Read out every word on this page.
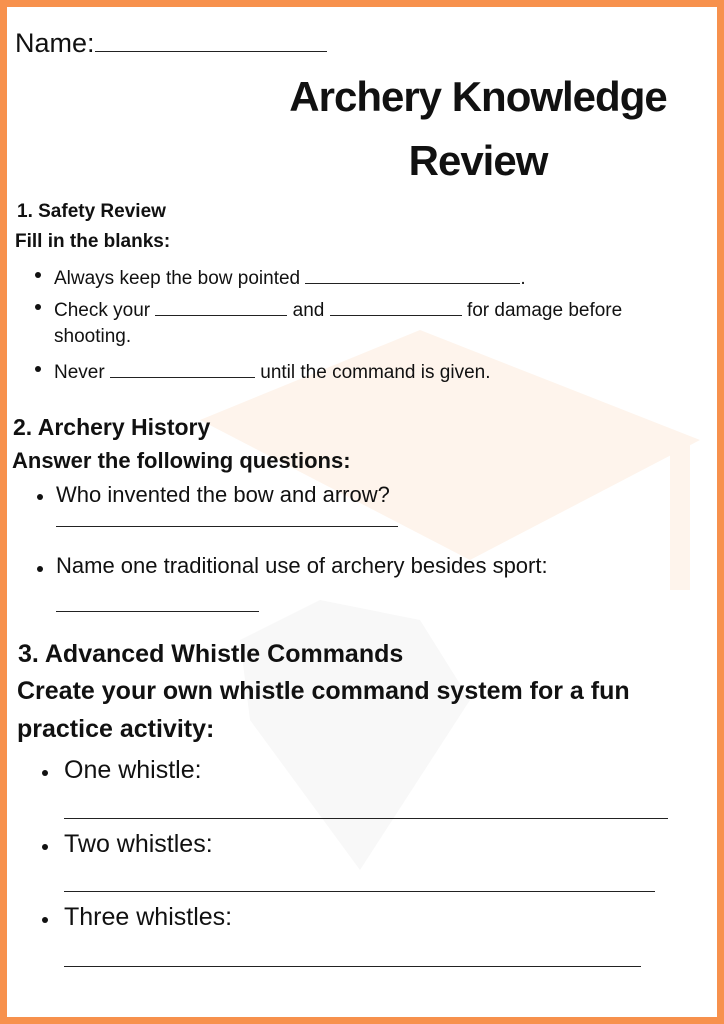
Name:
Archery Knowledge
Review
1. Safety Review
Fill in the blanks:
Always keep the bow pointed	.
Check your	and	for damage before
shooting.
Never	until the command is given.
2. Archery History
Answer the following questions:
Who invented the bow and arrow?
Name one traditional use of archery besides sport:
3. Advanced Whistle Commands
Create your own whistle command system for a fun
practice activity:
One whistle:
Two whistles:
Three whistles:
